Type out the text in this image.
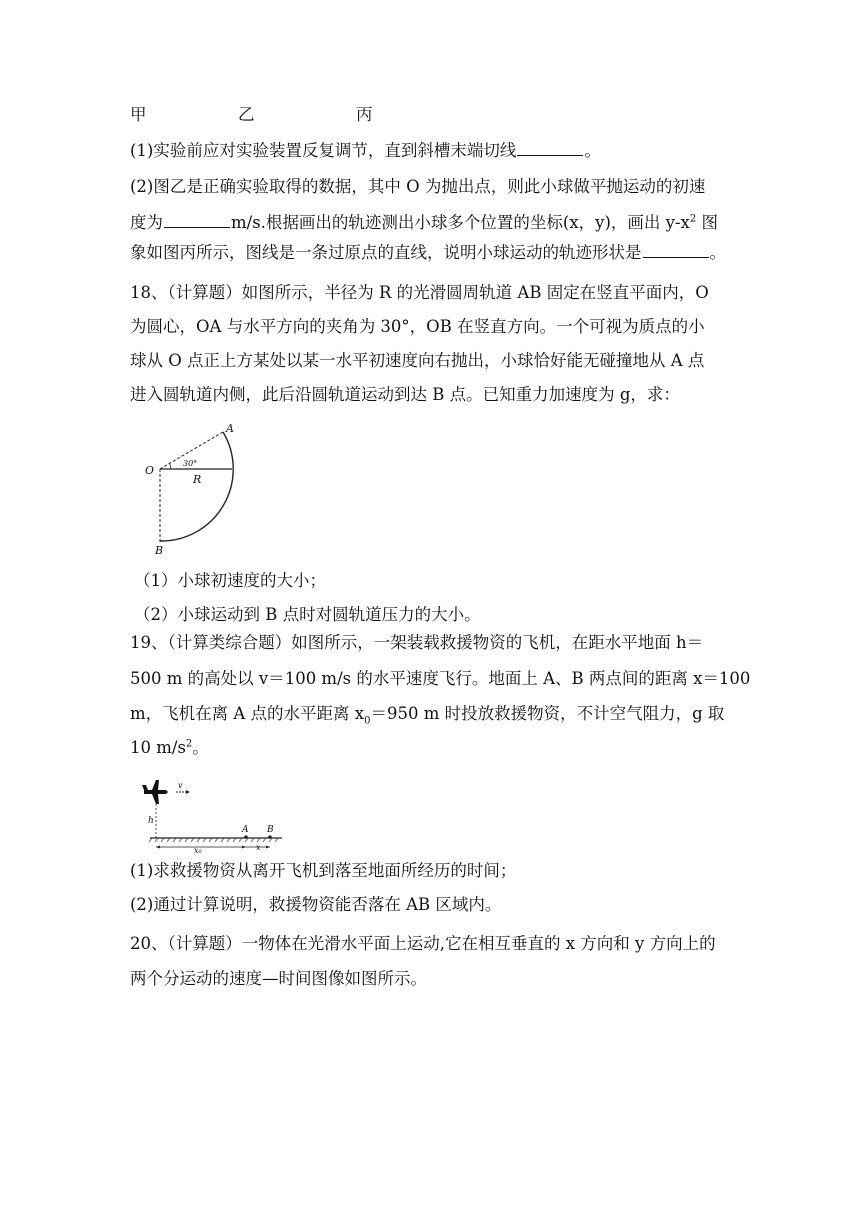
甲	乙	丙
(1)实验前应对实验装置反复调节，直到斜槽末端切线	。
(2)图乙是正确实验取得的数据，其中 O 为抛出点，则此小球做平抛运动的初速
度为	m/s.根据画出的轨迹测出小球多个位置的坐标(x，y)，画出 $y-x^2$ 图
象如图丙所示，图线是一条过原点的直线，说明小球运动的轨迹形状是	。
18、（计算题）如图所示，半径为 R 的光滑圆周轨道 AB 固定在竖直平面内，O
为圆心，OA 与水平方向的夹角为 30°，OB 在竖直方向。一个可视为质点的小
球从 O 点正上方某处以某一水平初速度向右抛出，小球恰好能无碰撞地从 A 点
进入圆轨道内侧，此后沿圆轨道运动到达 B 点。已知重力加速度为 g，求：
A
O
30°
R
B
（1）小球初速度的大小；
（2）小球运动到 B 点时对圆轨道压力的大小。
19、（计算类综合题）如图所示，一架装载救援物资的飞机，在距水平地面 h＝
500 m 的高处以 v＝100 m/s 的水平速度飞行。地面上 A、B 两点间的距离 x＝100
m，飞机在离 A 点的水平距离 $x_0=950$ m 时投放救援物资，不计空气阻力，g 取
10 $m/s^2$。
v
h
A B
x₀	x
(1)求救援物资从离开飞机到落至地面所经历的时间；
(2)通过计算说明，救援物资能否落在 AB 区域内。
20、（计算题）一物体在光滑水平面上运动,它在相互垂直的 x 方向和 y 方向上的
两个分运动的速度—时间图像如图所示。
